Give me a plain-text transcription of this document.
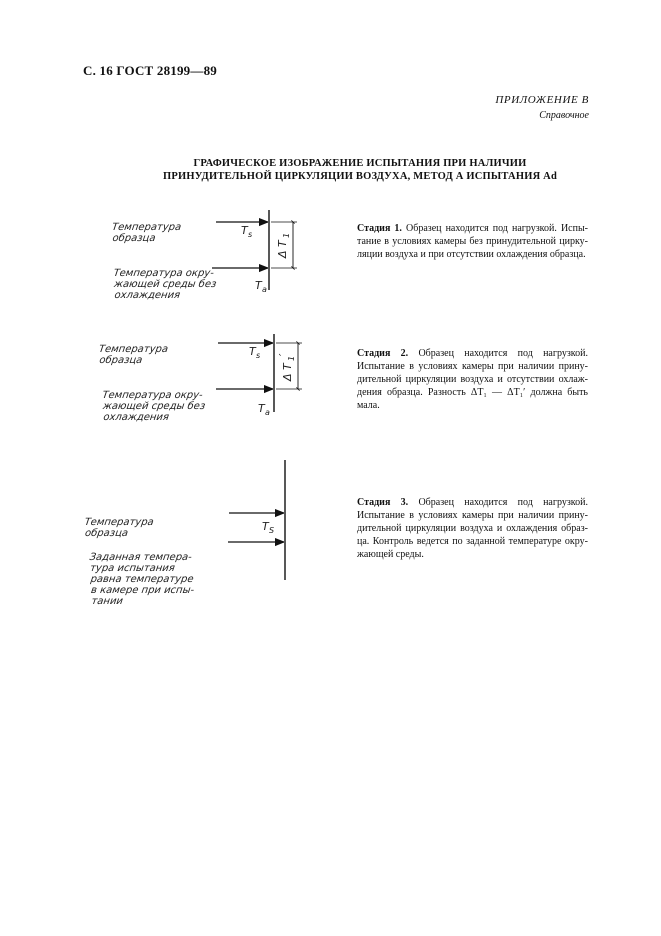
С. 16 ГОСТ 28199—89
ПРИЛОЖЕНИЕ В
Справочное
ГРАФИЧЕСКОЕ ИЗОБРАЖЕНИЕ ИСПЫТАНИЯ ПРИ НАЛИЧИИ
ПРИНУДИТЕЛЬНОЙ ЦИРКУЛЯЦИИ ВОЗДУХА, МЕТОД А ИСПЫТАНИЯ Ad
Температура
образца
Температура окру-
жающей среды без
охлаждения
T s
T a
Δ T
1
Температура
образца
Температура окру-
жающей среды без
охлаждения
T s
T a
Δ T
1
′
Температура
образца
Заданная темпера-
тура испытания
равна температуре
в камере при испы-
тании
T S
Стадия 1. Образец находится под нагрузкой. Испы- тание в условиях камеры без принудительной цирку- ляции воздуха и при отсутствии охлаждения образца.
Стадия 2. Образец находится под нагрузкой. Испытание в условиях камеры при наличии прину- дительной циркуляции воздуха и отсутствии охлаж- дения образца. Разность ΔT₁ — ΔT₁′ должна быть мала.
Стадия 3. Образец находится под нагрузкой. Испытание в условиях камеры при наличии прину- дительной циркуляции воздуха и охлаждения образ- ца. Контроль ведется по заданной температуре окру- жающей среды.
